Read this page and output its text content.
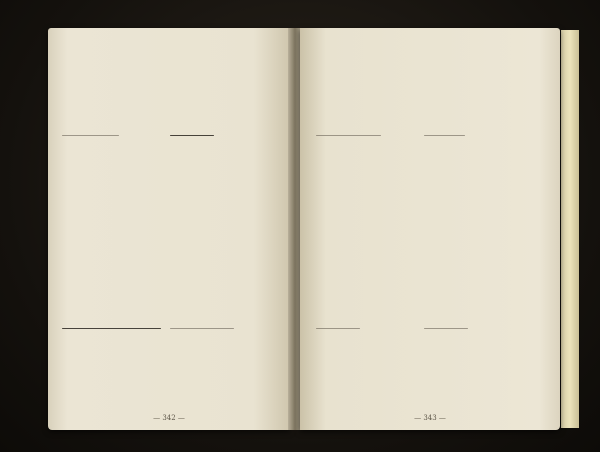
— 342 —	— 343 —
